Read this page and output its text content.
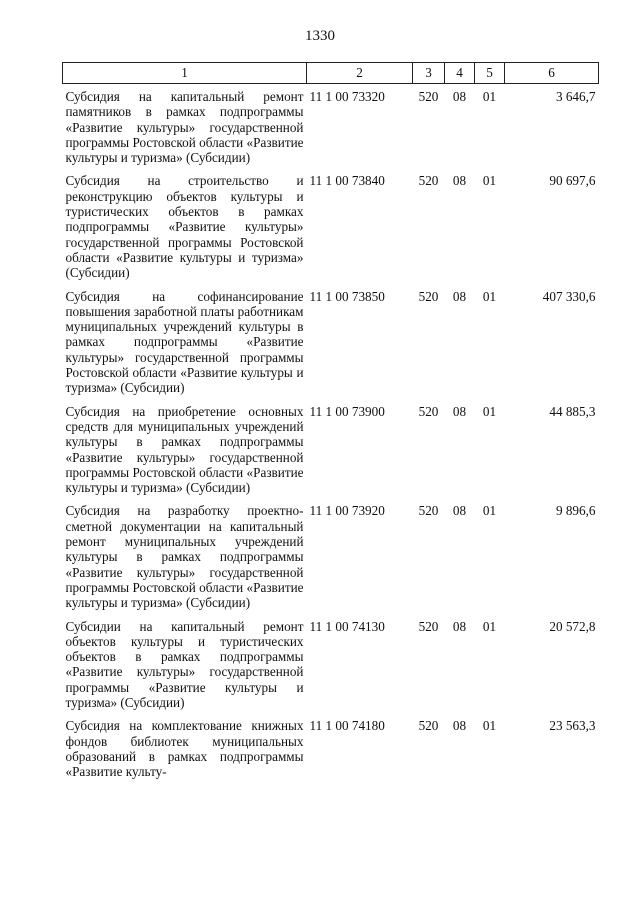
1330
1	2	3	4	5	6
Субсидия на капитальный ремонт памятников в рамках подпрограммы «Развитие культуры» государственной программы Ростовской области «Развитие культуры и туризма» (Субсидии)	11 1 00 73320	520	08	01	3 646,7
Субсидия на строительство и реконструкцию объектов культуры и туристических объектов в рамках подпрограммы «Развитие культуры» государственной программы Ростовской области «Развитие культуры и туризма» (Субсидии)	11 1 00 73840	520	08	01	90 697,6
Субсидия на софинансирование повышения заработной платы работникам муниципальных учреждений культуры в рамках подпрограммы «Развитие культуры» государственной программы Ростовской области «Развитие культуры и туризма» (Субсидии)	11 1 00 73850	520	08	01	407 330,6
Субсидия на приобретение основных средств для муниципальных учреждений культуры в рамках подпрограммы «Развитие культуры» государственной программы Ростовской области «Развитие культуры и туризма» (Субсидии)	11 1 00 73900	520	08	01	44 885,3
Субсидия на разработку проектно-сметной документации на капитальный ремонт муниципальных учреждений культуры в рамках подпрограммы «Развитие культуры» государственной программы Ростовской области «Развитие культуры и туризма» (Субсидии)	11 1 00 73920	520	08	01	9 896,6
Субсидии на капитальный ремонт объектов культуры и туристических объектов в рамках подпрограммы «Развитие культуры» государственной программы «Развитие культуры и туризма» (Субсидии)	11 1 00 74130	520	08	01	20 572,8
Субсидия на комплектование книжных фондов библиотек муниципальных образований в рамках подпрограммы «Развитие культу-	11 1 00 74180	520	08	01	23 563,3
